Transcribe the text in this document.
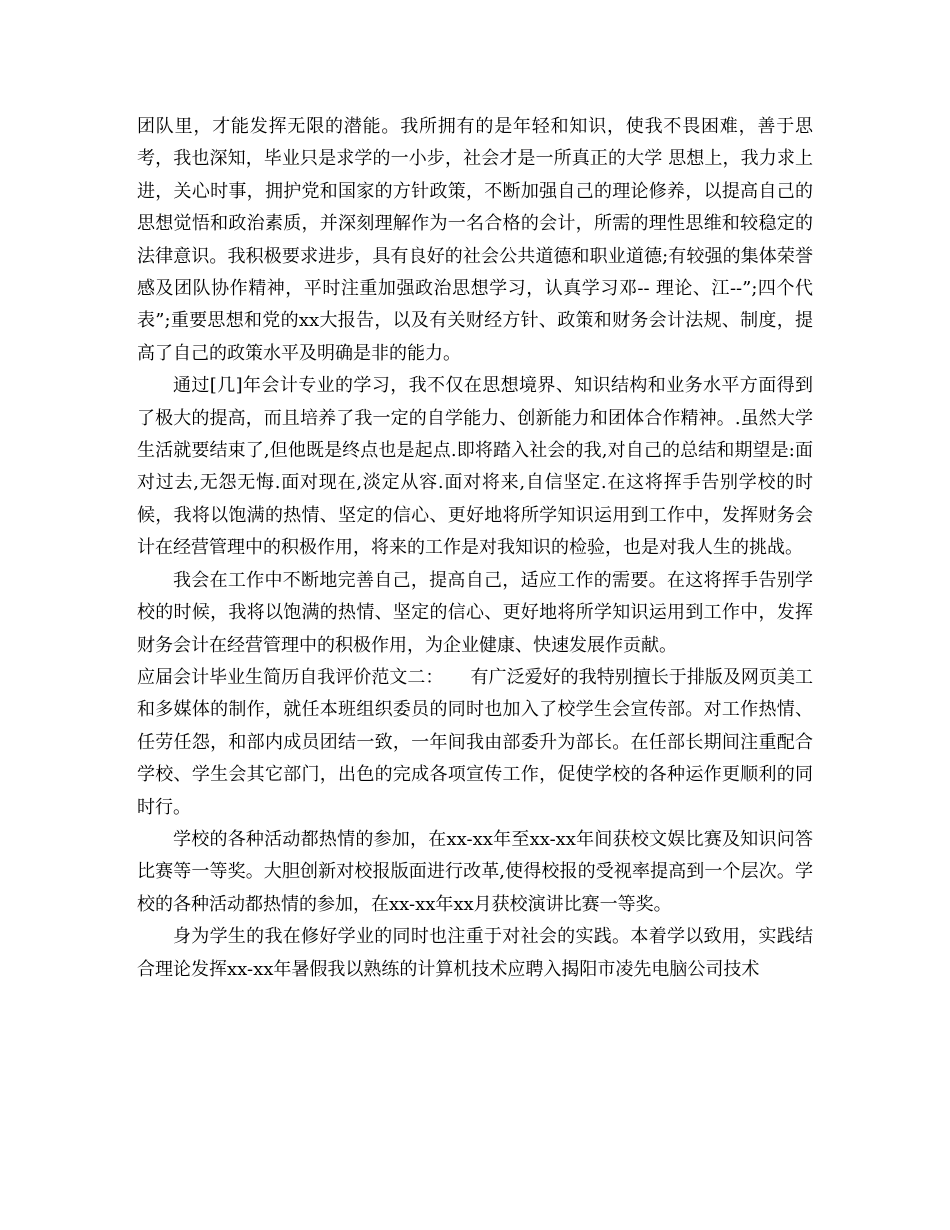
团队里，才能发挥无限的潜能。我所拥有的是年轻和知识，使我不畏困难，善于思考，我也深知，毕业只是求学的一小步，社会才是一所真正的大学 思想上，我力求上进，关心时事，拥护党和国家的方针政策，不断加强自己的理论修养，以提高自己的思想觉悟和政治素质，并深刻理解作为一名合格的会计，所需的理性思维和较稳定的法律意识。我积极要求进步，具有良好的社会公共道德和职业道德;有较强的集体荣誉感及团队协作精神，平时注重加强政治思想学习，认真学习邓-- 理论、江--”;四个代表”;重要思想和党的xx大报告，以及有关财经方针、政策和财务会计法规、制度，提高了自己的政策水平及明确是非的能力。

通过[几]年会计专业的学习，我不仅在思想境界、知识结构和业务水平方面得到了极大的提高，而且培养了我一定的自学能力、创新能力和团体合作精神。.虽然大学生活就要结束了,但他既是终点也是起点.即将踏入社会的我,对自己的总结和期望是:面对过去,无怨无悔.面对现在,淡定从容.面对将来,自信坚定.在这将挥手告别学校的时候，我将以饱满的热情、坚定的信心、更好地将所学知识运用到工作中，发挥财务会计在经营管理中的积极作用，将来的工作是对我知识的检验，也是对我人生的挑战。

我会在工作中不断地完善自己，提高自己，适应工作的需要。在这将挥手告别学校的时候，我将以饱满的热情、坚定的信心、更好地将所学知识运用到工作中，发挥财务会计在经营管理中的积极作用，为企业健康、快速发展作贡献。

应届会计毕业生简历自我评价范文二：　　有广泛爱好的我特别擅长于排版及网页美工和多媒体的制作，就任本班组织委员的同时也加入了校学生会宣传部。对工作热情、任劳任怨，和部内成员团结一致，一年间我由部委升为部长。在任部长期间注重配合学校、学生会其它部门，出色的完成各项宣传工作，促使学校的各种运作更顺利的同时行。

学校的各种活动都热情的参加，在xx-xx年至xx-xx年间获校文娱比赛及知识问答比赛等一等奖。大胆创新对校报版面进行改革,使得校报的受视率提高到一个层次。学校的各种活动都热情的参加，在xx-xx年xx月获校演讲比赛一等奖。

身为学生的我在修好学业的同时也注重于对社会的实践。本着学以致用，实践结合理论发挥xx-xx年暑假我以熟练的计算机技术应聘入揭阳市凌先电脑公司技术
